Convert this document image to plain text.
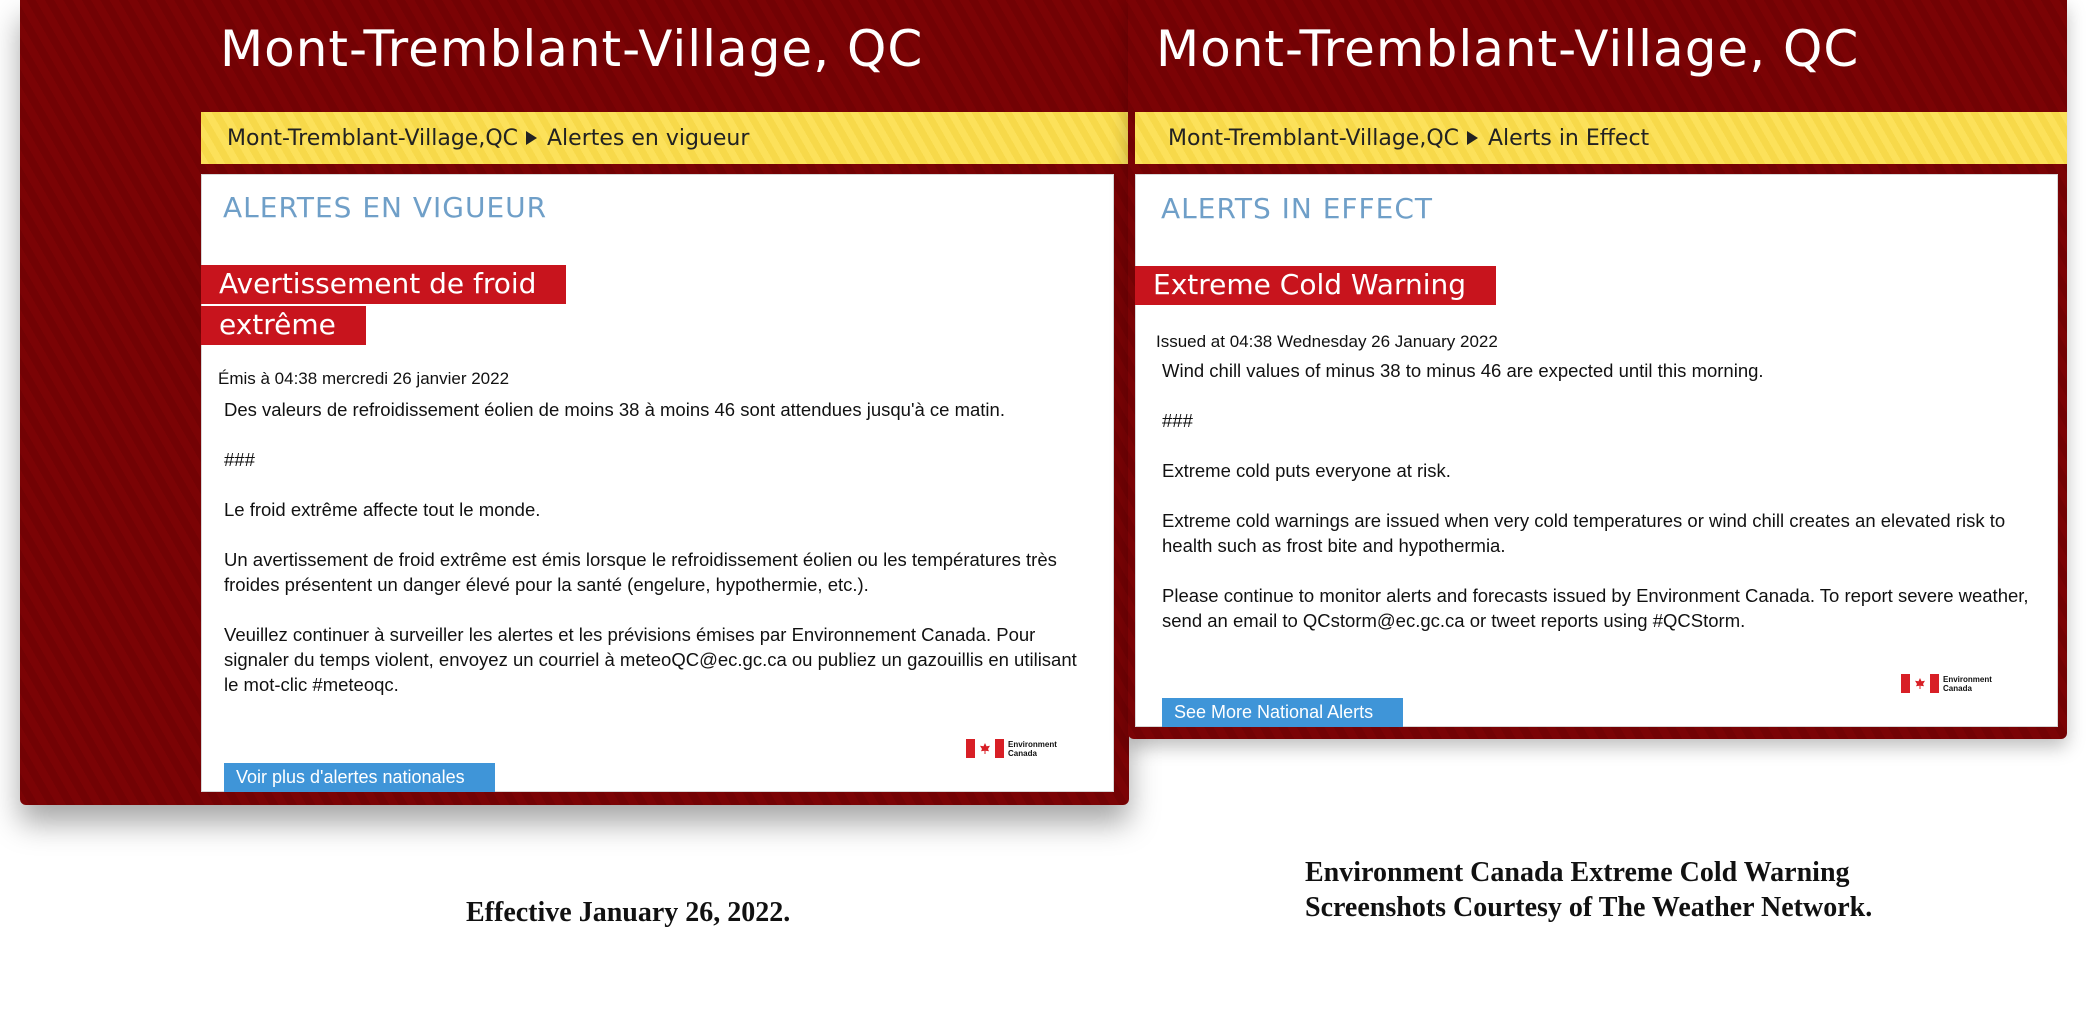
Mont-Tremblant-Village, QC
Mont-Tremblant-Village,QC Alertes en vigueur
ALERTES EN VIGUEUR
Avertissement de froid
extrême
Émis à 04:38 mercredi 26 janvier 2022

Des valeurs de refroidissement éolien de moins 38 à moins 46 sont attendues jusqu'à ce matin.

###

Le froid extrême affecte tout le monde.

Un avertissement de froid extrême est émis lorsque le refroidissement éolien ou les températures très froides présentent un danger élevé pour la santé (engelure, hypothermie, etc.).

Veuillez continuer à surveiller les alertes et les prévisions émises par Environnement Canada. Pour signaler du temps violent, envoyez un courriel à meteoQC@ec.gc.ca ou publiez un gazouillis en utilisant le mot-clic #meteoqc.

Environment
Canada
Voir plus d'alertes nationales
Mont-Tremblant-Village, QC
Mont-Tremblant-Village,QC Alerts in Effect
ALERTS IN EFFECT
Extreme Cold Warning
Issued at 04:38 Wednesday 26 January 2022

Wind chill values of minus 38 to minus 46 are expected until this morning.

###

Extreme cold puts everyone at risk.

Extreme cold warnings are issued when very cold temperatures or wind chill creates an elevated risk to health such as frost bite and hypothermia.

Please continue to monitor alerts and forecasts issued by Environment Canada. To report severe weather, send an email to QCstorm@ec.gc.ca or tweet reports using #QCStorm.

Environment
Canada
See More National Alerts
Effective January 26, 2022.
Environment Canada Extreme Cold Warning
Screenshots Courtesy of The Weather Network.
